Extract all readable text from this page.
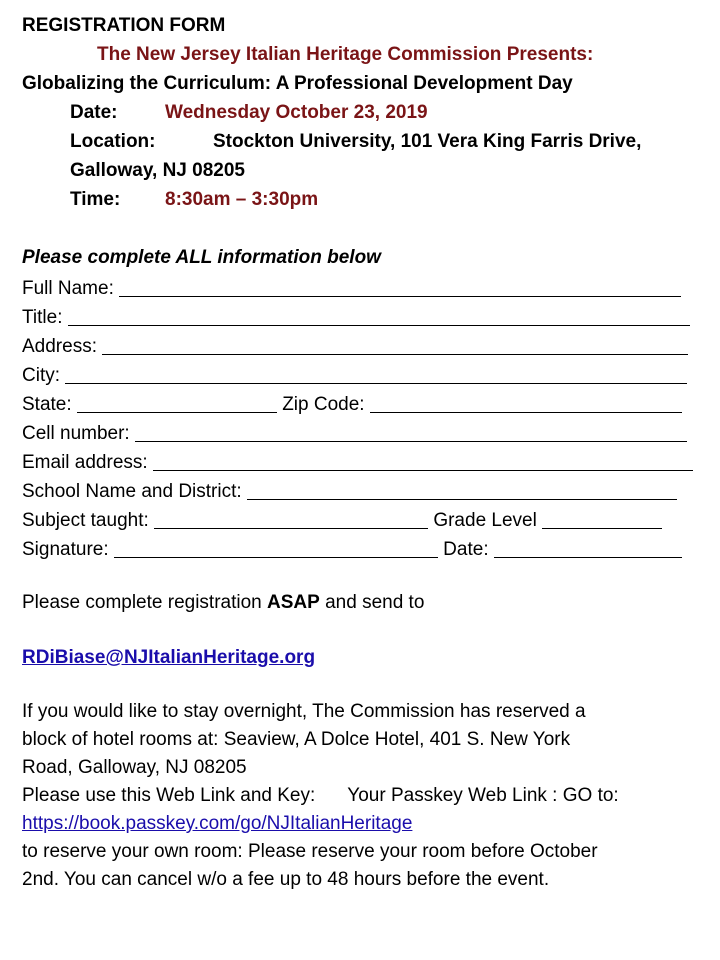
REGISTRATION FORM
The New Jersey Italian Heritage Commission Presents:
Globalizing the Curriculum: A Professional Development Day
Date: Wednesday October 23, 2019
Location:	Stockton University, 101 Vera King Farris Drive,
Galloway, NJ 08205
Time: 8:30am – 3:30pm
Please complete ALL information below
Full Name:
Title:
Address:
City:
State:	Zip Code:
Cell number:
Email address:
School Name and District:
Subject taught:	Grade Level
Signature:	Date:
Please complete registration ASAP and send to
RDiBiase@NJItalianHeritage.org
If you would like to stay overnight, The Commission has reserved a
block of hotel rooms at: Seaview, A Dolce Hotel, 401 S. New York
Road, Galloway, NJ 08205
Please use this Web Link and Key: Your Passkey Web Link : GO to:
https://book.passkey.com/go/NJItalianHeritage
to reserve your own room: Please reserve your room before October
2nd. You can cancel w/o a fee up to 48 hours before the event.
